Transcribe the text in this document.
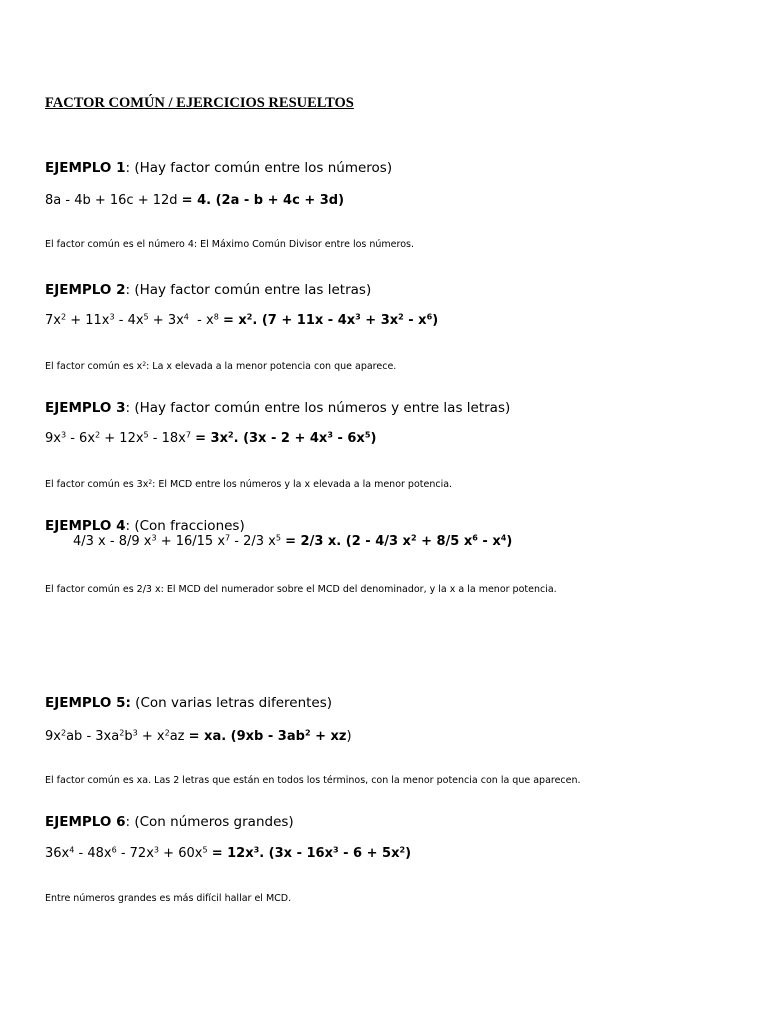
FACTOR COMÚN / EJERCICIOS RESUELTOS
EJEMPLO 1: (Hay factor común entre los números)
8a - 4b + 16c + 12d = 4. (2a - b + 4c + 3d)
El factor común es el número 4: El Máximo Común Divisor entre los números.
EJEMPLO 2: (Hay factor común entre las letras)
$7x^2 + 11x^3 - 4x^5 + 3x^4 - x^8 = x^2$. $(7 + 11x - 4x^3 + 3x^2 - x^6)$
El factor común es $x^2$: La x elevada a la menor potencia con que aparece.
EJEMPLO 3: (Hay factor común entre los números y entre las letras)
$9x^3 - 6x^2 + 12x^5 - 18x^7 = 3x^2$. $(3x - 2 + 4x^3 - 6x^5)$
El factor común es $3x^2$: El MCD entre los números y la x elevada a la menor potencia.
EJEMPLO 4: (Con fracciones)
4/3 x - 8/9 $x^3 + 16/15$ $x^7 - 2/3$ $x^5 = 2/3$ x. (2 - 4/3 $x^2 + 8/5$ $x^6 - x^4$)
El factor común es 2/3 x: El MCD del numerador sobre el MCD del denominador, y la x a la menor potencia.
EJEMPLO 5: (Con varias letras diferentes)
$9x^2ab - 3xa^2b^3 + x^2az$ = xa. $(9xb - 3ab^2 + xz)$
El factor común es xa. Las 2 letras que están en todos los términos, con la menor potencia con la que aparecen.
EJEMPLO 6: (Con números grandes)
$36x^4 - 48x^6 - 72x^3 + 60x^5 = 12x^3$. $(3x - 16x^3 - 6 + 5x^2)$
Entre números grandes es más difícil hallar el MCD.
